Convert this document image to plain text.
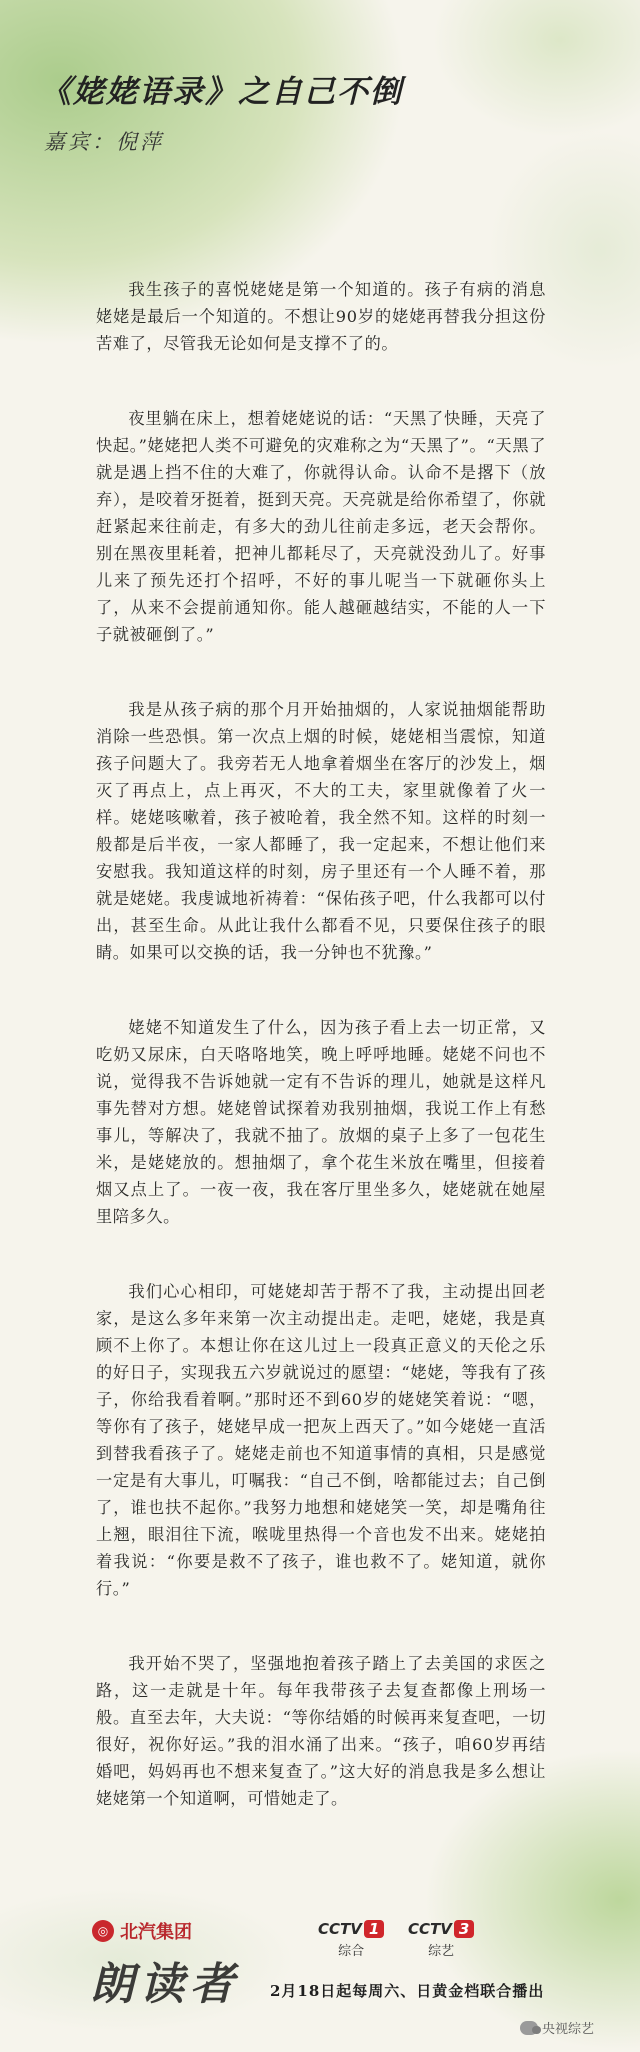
《姥姥语录》之自己不倒
嘉宾：倪萍

我生孩子的喜悦姥姥是第一个知道的。孩子有病的消息姥姥是最后一个知道的。不想让90岁的姥姥再替我分担这份苦难了，尽管我无论如何是支撑不了的。

夜里躺在床上，想着姥姥说的话：“天黑了快睡，天亮了快起。”姥姥把人类不可避免的灾难称之为“天黑了”。“天黑了就是遇上挡不住的大难了，你就得认命。认命不是撂下（放弃），是咬着牙挺着，挺到天亮。天亮就是给你希望了，你就赶紧起来往前走，有多大的劲儿往前走多远，老天会帮你。别在黑夜里耗着，把神儿都耗尽了，天亮就没劲儿了。好事儿来了预先还打个招呼，不好的事儿呢当一下就砸你头上了，从来不会提前通知你。能人越砸越结实，不能的人一下子就被砸倒了。”

我是从孩子病的那个月开始抽烟的，人家说抽烟能帮助消除一些恐惧。第一次点上烟的时候，姥姥相当震惊，知道孩子问题大了。我旁若无人地拿着烟坐在客厅的沙发上，烟灭了再点上，点上再灭，不大的工夫，家里就像着了火一样。姥姥咳嗽着，孩子被呛着，我全然不知。这样的时刻一般都是后半夜，一家人都睡了，我一定起来，不想让他们来安慰我。我知道这样的时刻，房子里还有一个人睡不着，那就是姥姥。我虔诚地祈祷着：“保佑孩子吧，什么我都可以付出，甚至生命。从此让我什么都看不见，只要保住孩子的眼睛。如果可以交换的话，我一分钟也不犹豫。”

姥姥不知道发生了什么，因为孩子看上去一切正常，又吃奶又尿床，白天咯咯地笑，晚上呼呼地睡。姥姥不问也不说，觉得我不告诉她就一定有不告诉的理儿，她就是这样凡事先替对方想。姥姥曾试探着劝我别抽烟，我说工作上有愁事儿，等解决了，我就不抽了。放烟的桌子上多了一包花生米，是姥姥放的。想抽烟了，拿个花生米放在嘴里，但接着烟又点上了。一夜一夜，我在客厅里坐多久，姥姥就在她屋里陪多久。

我们心心相印，可姥姥却苦于帮不了我，主动提出回老家，是这么多年来第一次主动提出走。走吧，姥姥，我是真顾不上你了。本想让你在这儿过上一段真正意义的天伦之乐的好日子，实现我五六岁就说过的愿望：“姥姥，等我有了孩子，你给我看着啊。”那时还不到60岁的姥姥笑着说：“嗯，等你有了孩子，姥姥早成一把灰上西天了。”如今姥姥一直活到替我看孩子了。姥姥走前也不知道事情的真相，只是感觉一定是有大事儿，叮嘱我：“自己不倒，啥都能过去；自己倒了，谁也扶不起你。”我努力地想和姥姥笑一笑，却是嘴角往上翘，眼泪往下流，喉咙里热得一个音也发不出来。姥姥拍着我说：“你要是救不了孩子，谁也救不了。姥知道，就你行。”

我开始不哭了，坚强地抱着孩子踏上了去美国的求医之路，这一走就是十年。每年我带孩子去复查都像上刑场一般。直至去年，大夫说：“等你结婚的时候再来复查吧，一切很好，祝你好运。”我的泪水涌了出来。“孩子，咱60岁再结婚吧，妈妈再也不想来复查了。”这大好的消息我是多么想让姥姥第一个知道啊，可惜她走了。

◎ 北汽集团
朗读者
CCTV 1
综合
CCTV 3
综艺
2月18日起每周六、日黄金档联合播出
央视综艺
